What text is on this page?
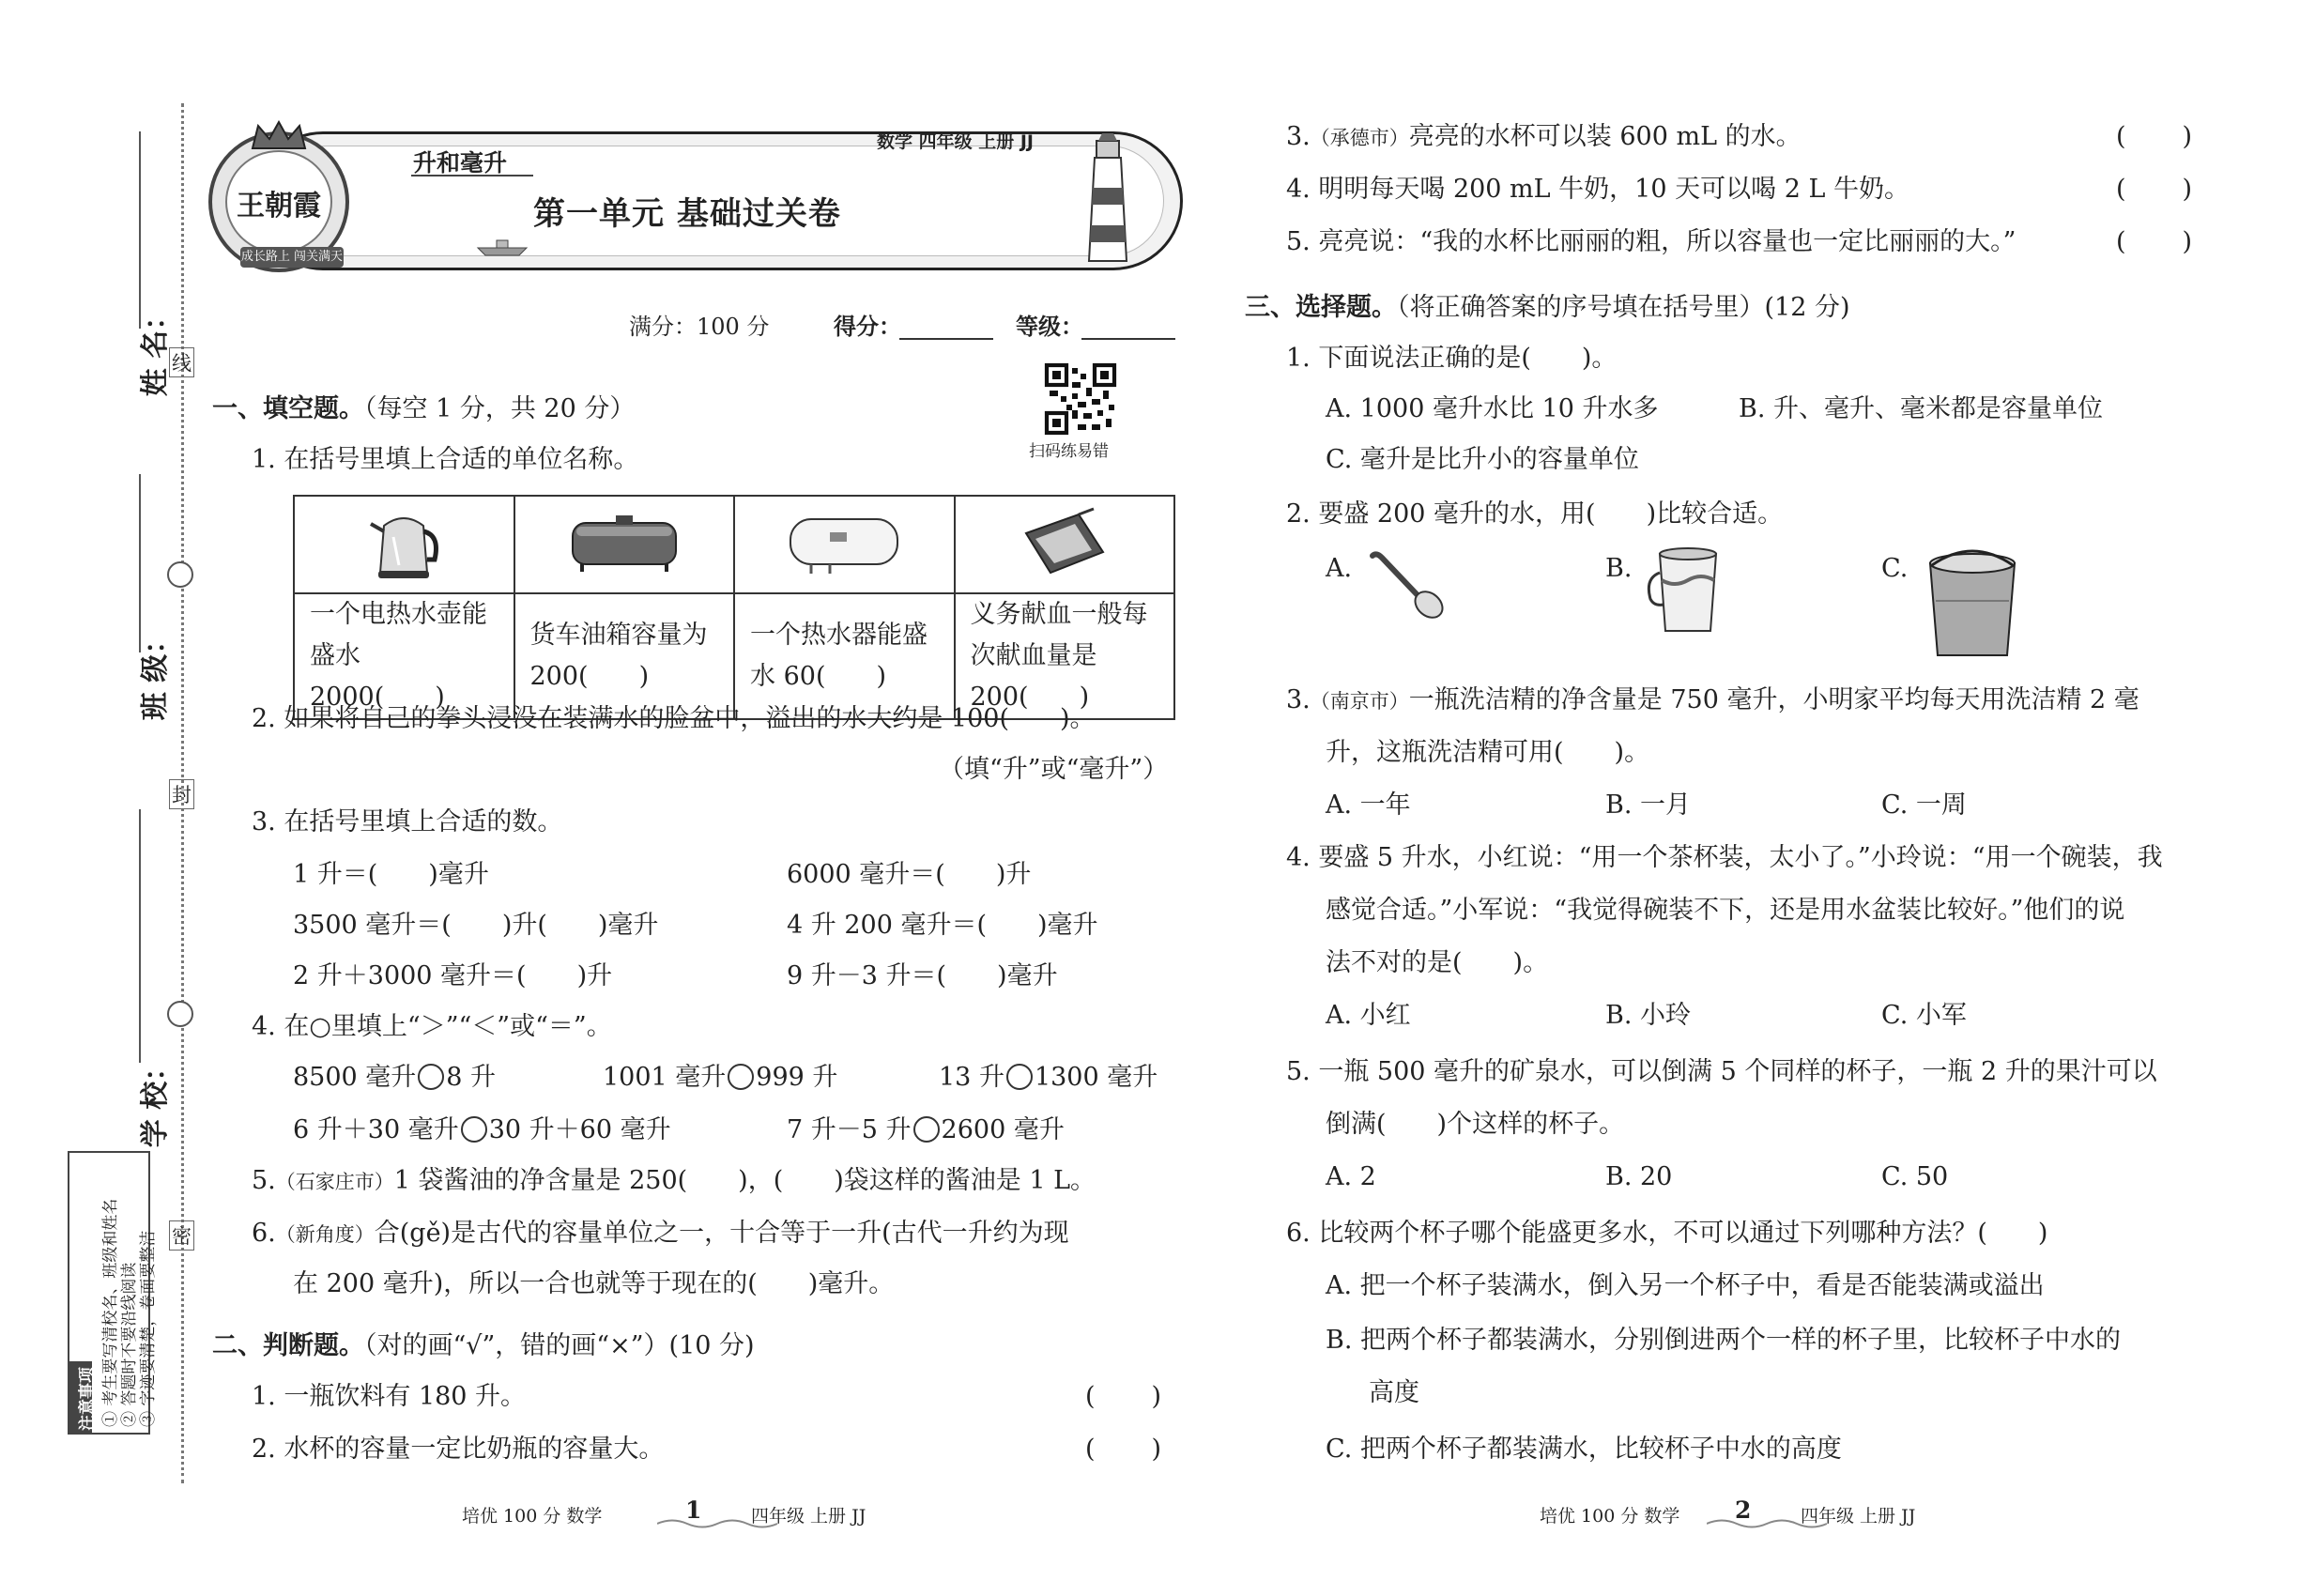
姓 名：
班 级：
学 校：
线
封
密
注意事项 ① 考生要写清校名、班级和姓名 ② 答题时不要沿线阅读 ③ 字迹要清楚，卷面要整洁
王朝霞
成长路上 闯关满天
升和毫升
数学 四年级 上册 JJ
第一单元 基础过关卷
满分：100 分	得分：	等级：
扫码练易错
一、填空题。（每空 1 分，共 20 分）
1. 在括号里填上合适的单位名称。

一个电热水壶能盛水 2000(　　)	货车油箱容量为 200(　　)	一个热水器能盛水 60(　　)	义务献血一般每次献血量是 200(　　)
2. 如果将自己的拳头浸没在装满水的脸盆中，溢出的水大约是 100(　　)。
（填“升”或“毫升”）
3. 在括号里填上合适的数。
1 升＝(　　)毫升	6000 毫升＝(　　)升
3500 毫升＝(　　)升(　　)毫升	4 升 200 毫升＝(　　)毫升
2 升＋3000 毫升＝(　　)升	9 升－3 升＝(　　)毫升
4. 在○里填上“＞”“＜”或“＝”。
8500 毫升 8 升	1001 毫升 999 升	13 升 1300 毫升
6 升＋30 毫升 30 升＋60 毫升	7 升－5 升 2600 毫升
5.（石家庄市）1 袋酱油的净含量是 250(　　)，(　　)袋这样的酱油是 1 L。
6.（新角度）合(gě)是古代的容量单位之一，十合等于一升(古代一升约为现
在 200 毫升)，所以一合也就等于现在的(　　)毫升。
二、判断题。（对的画“√”，错的画“×”）(10 分)
1. 一瓶饮料有 180 升。	(　　)
2. 水杯的容量一定比奶瓶的容量大。	(　　)
3.（承德市）亮亮的水杯可以装 600 mL 的水。	(　　)
4. 明明每天喝 200 mL 牛奶，10 天可以喝 2 L 牛奶。	(　　)
5. 亮亮说：“我的水杯比丽丽的粗，所以容量也一定比丽丽的大。”	(　　)
三、选择题。（将正确答案的序号填在括号里）(12 分)
1. 下面说法正确的是(　　)。
A. 1000 毫升水比 10 升水多	B. 升、毫升、毫米都是容量单位
C. 毫升是比升小的容量单位
2. 要盛 200 毫升的水，用(　　)比较合适。
A.	B.	C.
3.（南京市）一瓶洗洁精的净含量是 750 毫升，小明家平均每天用洗洁精 2 毫
升，这瓶洗洁精可用(　　)。
A. 一年	B. 一月	C. 一周
4. 要盛 5 升水，小红说：“用一个茶杯装，太小了。”小玲说：“用一个碗装，我
感觉合适。”小军说：“我觉得碗装不下，还是用水盆装比较好。”他们的说
法不对的是(　　)。
A. 小红	B. 小玲	C. 小军
5. 一瓶 500 毫升的矿泉水，可以倒满 5 个同样的杯子，一瓶 2 升的果汁可以
倒满(　　)个这样的杯子。
A. 2	B. 20	C. 50
6. 比较两个杯子哪个能盛更多水，不可以通过下列哪种方法？(　　)
A. 把一个杯子装满水，倒入另一个杯子中，看是否能装满或溢出
B. 把两个杯子都装满水，分别倒进两个一样的杯子里，比较杯子中水的
高度
C. 把两个杯子都装满水，比较杯子中水的高度
培优 100 分 数学	1	四年级 上册 JJ	培优 100 分 数学 2	四年级 上册 JJ
